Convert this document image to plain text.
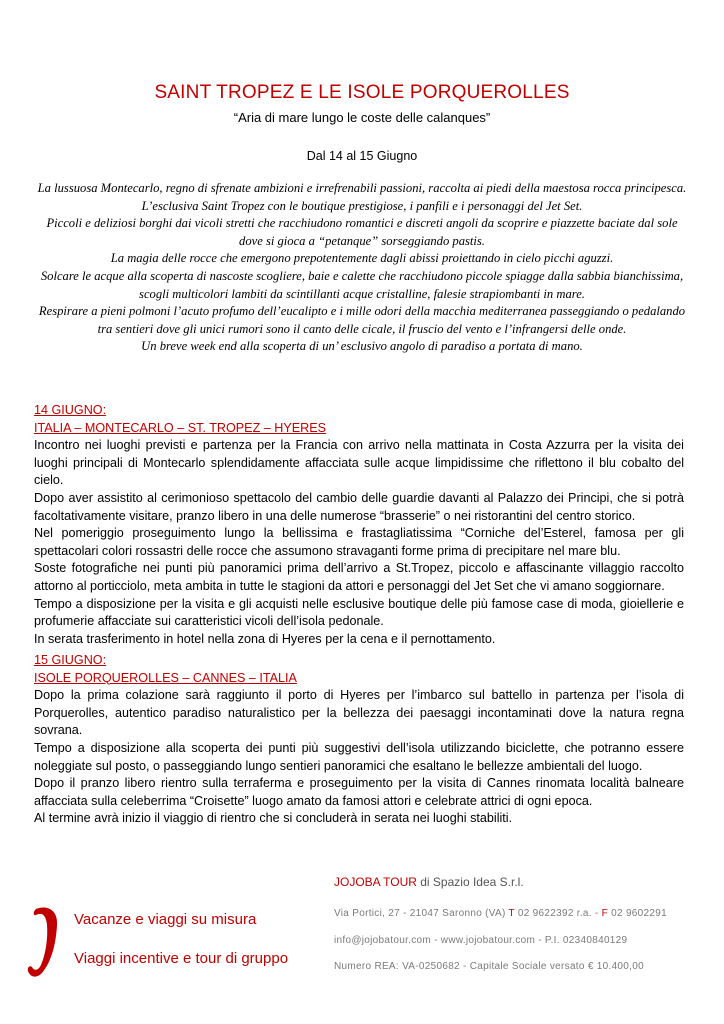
SAINT TROPEZ E LE ISOLE PORQUEROLLES
“Aria di mare lungo le coste delle calanques”
Dal 14 al 15 Giugno

La lussuosa Montecarlo, regno di sfrenate ambizioni e irrefrenabili passioni, raccolta ai piedi della maestosa rocca principesca.

L’esclusiva Saint Tropez con le boutique prestigiose, i panfili e i personaggi del Jet Set.

Piccoli e deliziosi borghi dai vicoli stretti che racchiudono romantici e discreti angoli da scoprire e piazzette baciate dal sole dove si gioca a “petanque” sorseggiando pastis.

La magia delle rocce che emergono prepotentemente dagli abissi proiettando in cielo picchi aguzzi.

Solcare le acque alla scoperta di nascoste scogliere, baie e calette che racchiudono piccole spiagge dalla sabbia bianchissima, scogli multicolori lambiti da scintillanti acque cristalline, falesie strapiombanti in mare.

Respirare a pieni polmoni l’acuto profumo dell’eucalipto e i mille odori della macchia mediterranea passeggiando o pedalando tra sentieri dove gli unici rumori sono il canto delle cicale, il fruscio del vento e l’infrangersi delle onde.

Un breve week end alla scoperta di un’ esclusivo angolo di paradiso a portata di mano.

14 GIUGNO:

ITALIA – MONTECARLO – ST. TROPEZ – HYERES

Incontro nei luoghi previsti e partenza per la Francia con arrivo nella mattinata in Costa Azzurra per la visita dei luoghi principali di Montecarlo splendidamente affacciata sulle acque limpidissime che riflettono il blu cobalto del cielo.

Dopo aver assistito al cerimonioso spettacolo del cambio delle guardie davanti al Palazzo dei Principi, che si potrà facoltativamente visitare, pranzo libero in una delle numerose “brasserie” o nei ristorantini del centro storico.

Nel pomeriggio proseguimento lungo la bellissima e frastagliatissima “Corniche del’Esterel, famosa per gli spettacolari colori rossastri delle rocce che assumono stravaganti forme prima di precipitare nel mare blu.

Soste fotografiche nei punti più panoramici prima dell’arrivo a St.Tropez, piccolo e affascinante villaggio raccolto attorno al porticciolo, meta ambita in tutte le stagioni da attori e personaggi del Jet Set che vi amano soggiornare.

Tempo a disposizione per la visita e gli acquisti nelle esclusive boutique delle più famose case di moda, gioiellerie e profumerie affacciate sui caratteristici vicoli dell’isola pedonale.

In serata trasferimento in hotel nella zona di Hyeres per la cena e il pernottamento.

15 GIUGNO:

ISOLE PORQUEROLLES – CANNES – ITALIA

Dopo la prima colazione sarà raggiunto il porto di Hyeres per l’imbarco sul battello in partenza per l’isola di Porquerolles, autentico paradiso naturalistico per la bellezza dei paesaggi incontaminati dove la natura regna sovrana.

Tempo a disposizione alla scoperta dei punti più suggestivi dell’isola utilizzando biciclette, che potranno essere noleggiate sul posto, o passeggiando lungo sentieri panoramici che esaltano le bellezze ambientali del luogo.

Dopo il pranzo libero rientro sulla terraferma e proseguimento per la visita di Cannes rinomata località balneare affacciata sulla celeberrima “Croisette” luogo amato da famosi attori e celebrate attrici di ogni epoca.

Al termine avrà inizio il viaggio di rientro che si concluderà in serata nei luoghi stabiliti.

Vacanze e viaggi su misura
Viaggi incentive e tour di gruppo
JOJOBA TOUR di Spazio Idea S.r.l.
Via Portici, 27 - 21047 Saronno (VA) T 02 9622392 r.a. - F 02 9602291
info@jojobatour.com - www.jojobatour.com - P.I. 02340840129
Numero REA: VA-0250682 - Capitale Sociale versato € 10.400,00
